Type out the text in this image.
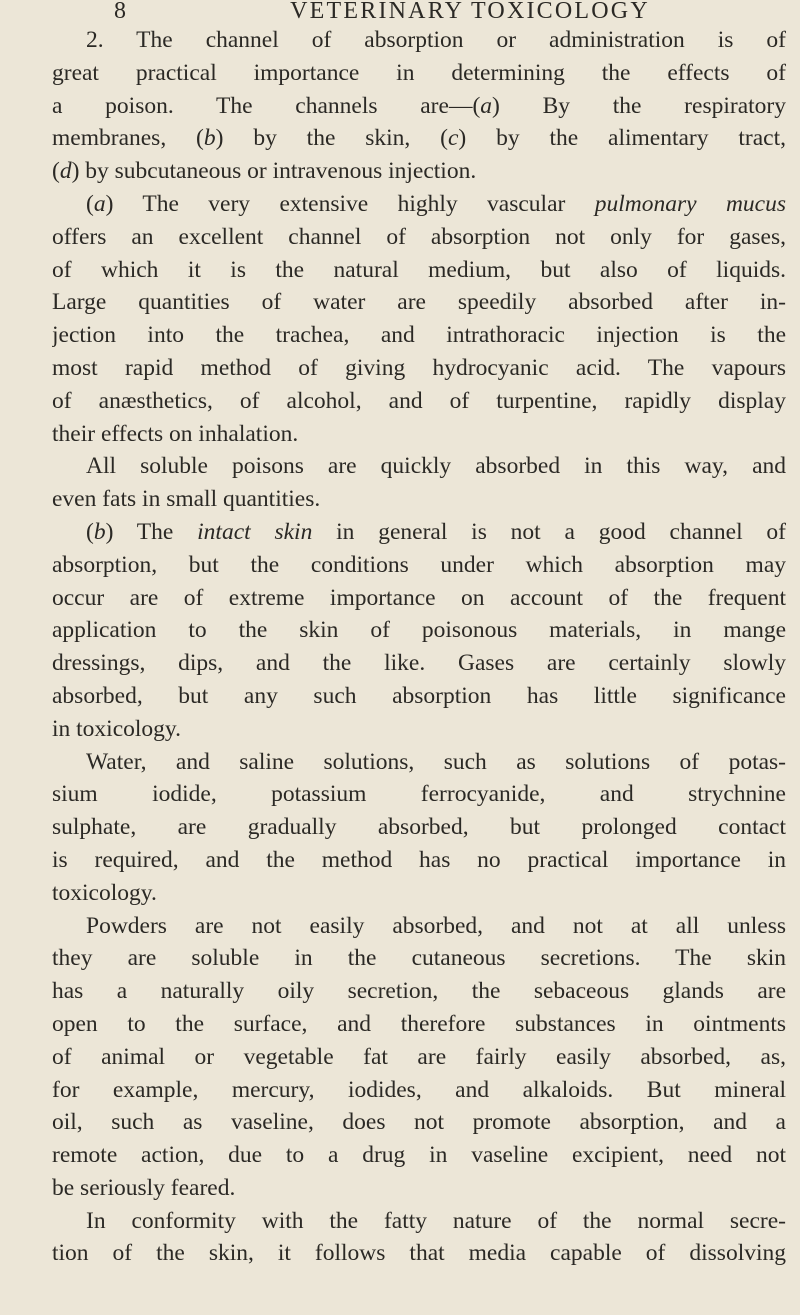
8	VETERINARY TOXICOLOGY
2. The channel of absorption or administration is of
great practical importance in determining the effects of
a poison. The channels are—(a) By the respiratory
membranes, (b) by the skin, (c) by the alimentary tract,
(d) by subcutaneous or intravenous injection.
(a) The very extensive highly vascular pulmonary mucus
offers an excellent channel of absorption not only for gases,
of which it is the natural medium, but also of liquids.
Large quantities of water are speedily absorbed after in-
jection into the trachea, and intrathoracic injection is the
most rapid method of giving hydrocyanic acid. The vapours
of anæsthetics, of alcohol, and of turpentine, rapidly display
their effects on inhalation.
All soluble poisons are quickly absorbed in this way, and
even fats in small quantities.
(b) The intact skin in general is not a good channel of
absorption, but the conditions under which absorption may
occur are of extreme importance on account of the frequent
application to the skin of poisonous materials, in mange
dressings, dips, and the like. Gases are certainly slowly
absorbed, but any such absorption has little significance
in toxicology.
Water, and saline solutions, such as solutions of potas-
sium iodide, potassium ferrocyanide, and strychnine
sulphate, are gradually absorbed, but prolonged contact
is required, and the method has no practical importance in
toxicology.
Powders are not easily absorbed, and not at all unless
they are soluble in the cutaneous secretions. The skin
has a naturally oily secretion, the sebaceous glands are
open to the surface, and therefore substances in ointments
of animal or vegetable fat are fairly easily absorbed, as,
for example, mercury, iodides, and alkaloids. But mineral
oil, such as vaseline, does not promote absorption, and a
remote action, due to a drug in vaseline excipient, need not
be seriously feared.
In conformity with the fatty nature of the normal secre-
tion of the skin, it follows that media capable of dissolving
